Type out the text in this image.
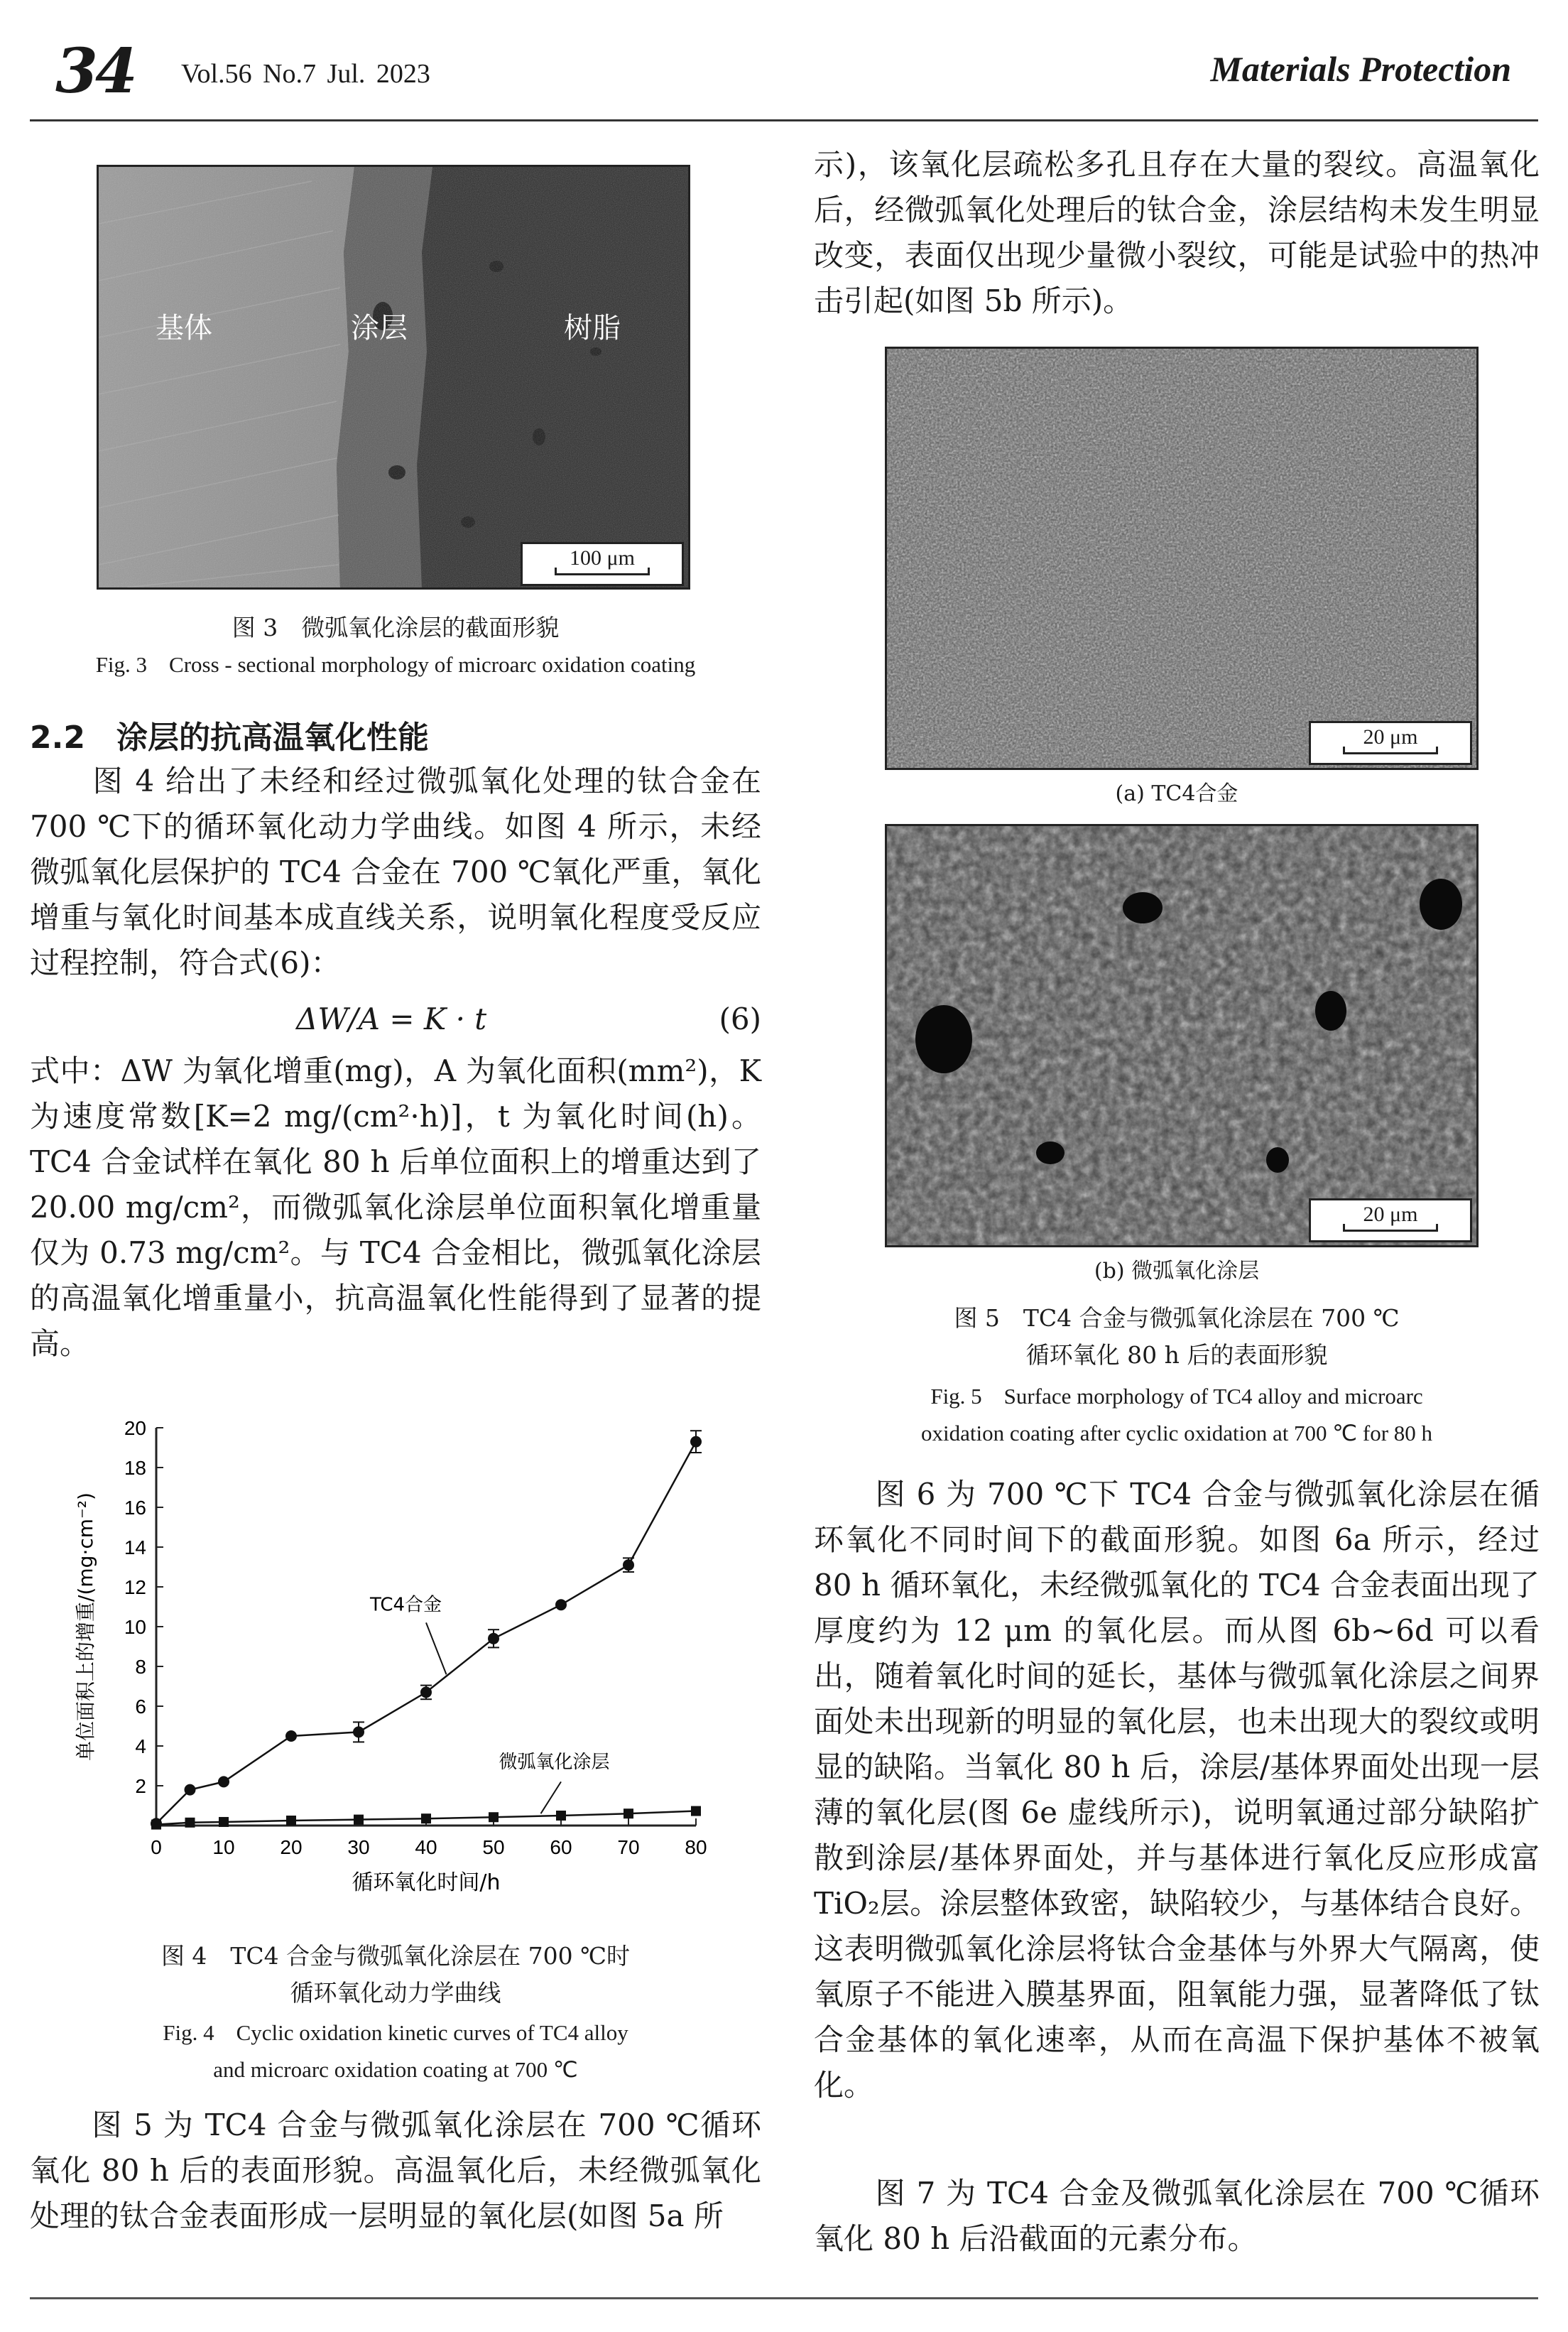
34 Vol.56 No.7 Jul. 2023	Materials Protection
基体	涂层	树脂
100 μm
图 3　微弧氧化涂层的截面形貌
Fig. 3　Cross - sectional morphology of microarc oxidation coating
2.2　涂层的抗高温氧化性能
　　图 4 给出了未经和经过微弧氧化处理的钛合金在 700 ℃下的循环氧化动力学曲线。如图 4 所示，未经微弧氧化层保护的 TC4 合金在 700 ℃氧化严重，氧化增重与氧化时间基本成直线关系，说明氧化程度受反应过程控制，符合式(6)：
ΔW/A = K · t	(6)
式中：ΔW 为氧化增重(mg)，A 为氧化面积(mm²)，K 为速度常数[K=2 mg/(cm²·h)]，t 为氧化时间(h)。TC4 合金试样在氧化 80 h 后单位面积上的增重达到了 20.00 mg/cm²，而微弧氧化涂层单位面积氧化增重量仅为 0.73 mg/cm²。与 TC4 合金相比，微弧氧化涂层的高温氧化增重量小，抗高温氧化性能得到了显著的提高。
0	10 20 30 40 50 60 70 80
2
4
6
8
10
12
14
16
18
20
循环氧化时间/h
单位面积上的增重/(mg·cm⁻²)	TC4合金
微弧氧化涂层
图 4　TC4 合金与微弧氧化涂层在 700 ℃时
循环氧化动力学曲线
Fig. 4　Cyclic oxidation kinetic curves of TC4 alloy
and microarc oxidation coating at 700 ℃
　　图 5 为 TC4 合金与微弧氧化涂层在 700 ℃循环氧化 80 h 后的表面形貌。高温氧化后，未经微弧氧化处理的钛合金表面形成一层明显的氧化层(如图 5a 所
示)，该氧化层疏松多孔且存在大量的裂纹。高温氧化后，经微弧氧化处理后的钛合金，涂层结构未发生明显改变，表面仅出现少量微小裂纹，可能是试验中的热冲击引起(如图 5b 所示)。
20 μm
(a) TC4合金
20 μm
(b) 微弧氧化涂层
图 5　TC4 合金与微弧氧化涂层在 700 ℃
循环氧化 80 h 后的表面形貌
Fig. 5　Surface morphology of TC4 alloy and microarc
oxidation coating after cyclic oxidation at 700 ℃ for 80 h
　　图 6 为 700 ℃下 TC4 合金与微弧氧化涂层在循环氧化不同时间下的截面形貌。如图 6a 所示，经过 80 h 循环氧化，未经微弧氧化的 TC4 合金表面出现了厚度约为 12 μm 的氧化层。而从图 6b~6d 可以看出，随着氧化时间的延长，基体与微弧氧化涂层之间界面处未出现新的明显的氧化层，也未出现大的裂纹或明显的缺陷。当氧化 80 h 后，涂层/基体界面处出现一层薄的氧化层(图 6e 虚线所示)，说明氧通过部分缺陷扩散到涂层/基体界面处，并与基体进行氧化反应形成富 TiO₂层。涂层整体致密，缺陷较少，与基体结合良好。这表明微弧氧化涂层将钛合金基体与外界大气隔离，使氧原子不能进入膜基界面，阻氧能力强，显著降低了钛合金基体的氧化速率，从而在高温下保护基体不被氧化。
　　图 7 为 TC4 合金及微弧氧化涂层在 700 ℃循环氧化 80 h 后沿截面的元素分布。
